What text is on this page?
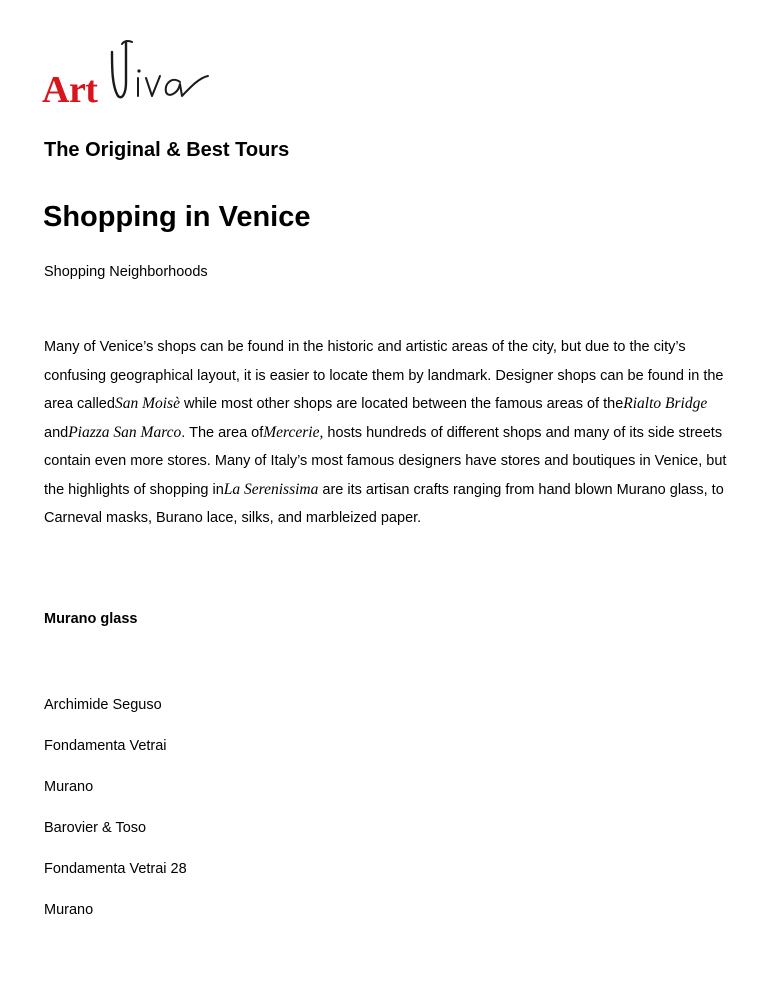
Art
The Original & Best Tours
Shopping in Venice

Shopping Neighborhoods

Many of Venice’s shops can be found in the historic and artistic areas of the city, but due to the city’s confusing geographical layout, it is easier to locate them by landmark. Designer shops can be found in the area calledSan Moisè while most other shops are located between the famous areas of theRialto Bridge andPiazza San Marco. The area ofMercerie, hosts hundreds of different shops and many of its side streets contain even more stores. Many of Italy’s most famous designers have stores and boutiques in Venice, but the highlights of shopping inLa Serenissima are its artisan crafts ranging from hand blown Murano glass, to Carneval masks, Burano lace, silks, and marbleized paper.

Murano glass
Archimide Seguso
Fondamenta Vetrai
Murano
Barovier & Toso
Fondamenta Vetrai 28
Murano
